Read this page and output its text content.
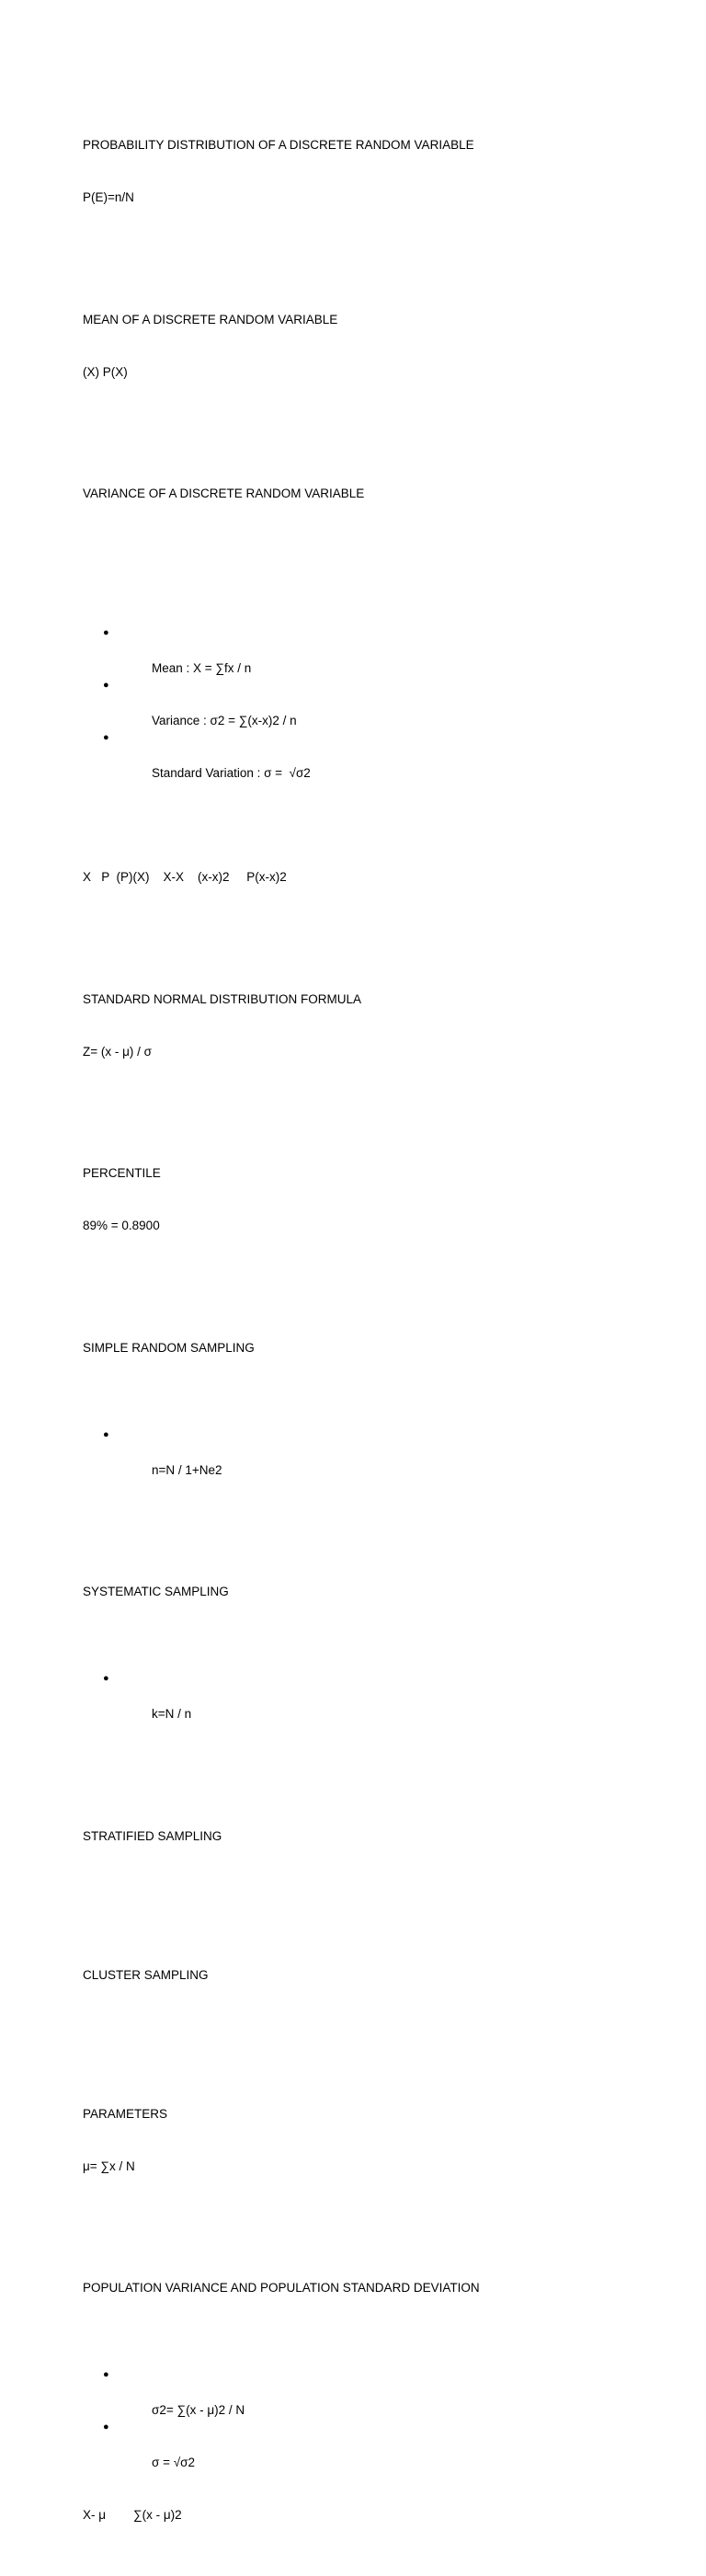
PROBABILITY DISTRIBUTION OF A DISCRETE RANDOM VARIABLE

P(E)=n/N

MEAN OF A DISCRETE RANDOM VARIABLE

(X) P(X)

VARIANCE OF A DISCRETE RANDOM VARIABLE

●

Mean : X = ∑fx / n

●

Variance : σ2 = ∑(x-x)2 / n

●

Standard Variation : σ =  √σ2

X   P  (P)(X)    X-X    (x-x)2     P(x-x)2

STANDARD NORMAL DISTRIBUTION FORMULA

Z= (x - μ) / σ

PERCENTILE

89% = 0.8900

SIMPLE RANDOM SAMPLING

●

n=N / 1+Ne2

SYSTEMATIC SAMPLING

●

k=N / n

STRATIFIED SAMPLING

CLUSTER SAMPLING

PARAMETERS

μ= ∑x / N

POPULATION VARIANCE AND POPULATION STANDARD DEVIATION

●

σ2= ∑(x - μ)2 / N

●

σ = √σ2

X- μ        ∑(x - μ)2
